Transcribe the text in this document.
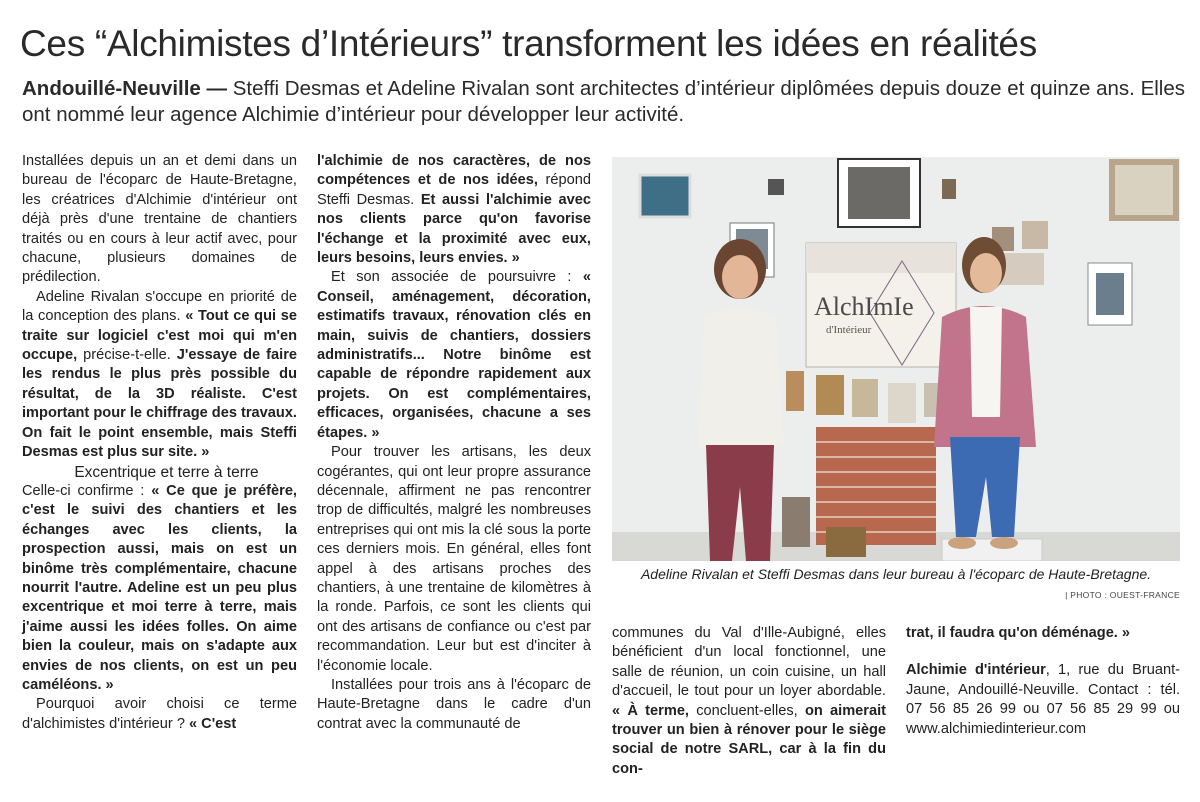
Ces “Alchimistes d’Intérieurs” transforment les idées en réalités
Andouillé-Neuville — Steffi Desmas et Adeline Rivalan sont architectes d’intérieur diplômées depuis douze et quinze ans. Elles ont nommé leur agence Alchimie d’intérieur pour développer leur activité.

Installées depuis un an et demi dans un bureau de l'écoparc de Haute-Bretagne, les créatrices d'Alchimie d'intérieur ont déjà près d'une trentaine de chantiers traités ou en cours à leur actif avec, pour chacune, plusieurs domaines de prédilection.

Adeline Rivalan s'occupe en priorité de la conception des plans. « Tout ce qui se traite sur logiciel c'est moi qui m'en occupe, précise-t-elle. J'essaye de faire les rendus le plus près possible du résultat, de la 3D réaliste. C'est important pour le chiffrage des travaux. On fait le point ensemble, mais Steffi Desmas est plus sur site. »

Excentrique et terre à terre

Celle-ci confirme : « Ce que je préfère, c'est le suivi des chantiers et les échanges avec les clients, la prospection aussi, mais on est un binôme très complémentaire, chacune nourrit l'autre. Adeline est un peu plus excentrique et moi terre à terre, mais j'aime aussi les idées folles. On aime bien la couleur, mais on s'adapte aux envies de nos clients, on est un peu caméléons. »

Pourquoi avoir choisi ce terme d'alchimistes d'intérieur ? « C'est

l'alchimie de nos caractères, de nos compétences et de nos idées, répond Steffi Desmas. Et aussi l'alchimie avec nos clients parce qu'on favorise l'échange et la proximité avec eux, leurs besoins, leurs envies. »

Et son associée de poursuivre : « Conseil, aménagement, décoration, estimatifs travaux, rénovation clés en main, suivis de chantiers, dossiers administratifs... Notre binôme est capable de répondre rapidement aux projets. On est complémentaires, efficaces, organisées, chacune a ses étapes. »

Pour trouver les artisans, les deux cogérantes, qui ont leur propre assurance décennale, affirment ne pas rencontrer trop de difficultés, malgré les nombreuses entreprises qui ont mis la clé sous la porte ces derniers mois. En général, elles font appel à des artisans proches des chantiers, à une trentaine de kilomètres à la ronde. Parfois, ce sont les clients qui ont des artisans de confiance ou c'est par recommandation. Leur but est d'inciter à l'économie locale.

Installées pour trois ans à l'écoparc de Haute-Bretagne dans le cadre d'un contrat avec la communauté de

AlchImIe
d'Intérieur
Adeline Rivalan et Steffi Desmas dans leur bureau à l'écoparc de Haute-Bretagne.
| PHOTO : OUEST-FRANCE

communes du Val d'Ille-Aubigné, elles bénéficient d'un local fonctionnel, une salle de réunion, un coin cuisine, un hall d'accueil, le tout pour un loyer abordable. « À terme, concluent-elles, on aimerait trouver un bien à rénover pour le siège social de notre SARL, car à la fin du con-

trat, il faudra qu'on déménage. »

Alchimie d'intérieur, 1, rue du Bruant-Jaune, Andouillé-Neuville. Contact : tél. 07 56 85 26 99 ou 07 56 85 29 99 ou www.alchimiedinterieur.com
